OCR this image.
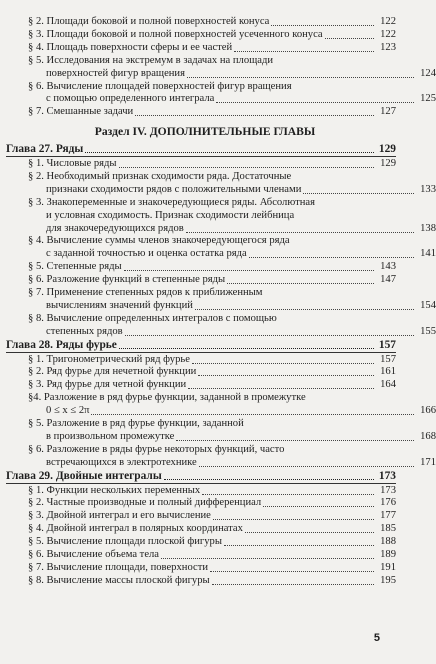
§ 2. Площади боковой и полной поверхностей конуса	122
§ 3. Площади боковой и полной поверхностей усеченного конуса	122
§ 4. Площадь поверхности сферы и ее частей	123
§ 5. Исследования на экстремум в задачах на площади
поверхностей фигур вращения	124
§ 6. Вычисление площадей поверхностей фигур вращения
с помощью определенного интеграла	125
§ 7. Смешанные задачи	127
Раздел IV. ДОПОЛНИТЕЛЬНЫЕ ГЛАВЫ
Глава 27. Ряды	129
§ 1. Числовые ряды	129
§ 2. Необходимый признак сходимости ряда. Достаточные
признаки сходимости рядов с положительными членами	133
§ 3. Знакопеременные и знакочередующиеся ряды. Абсолютная
и условная сходимость. Признак сходимости лейбница
для знакочередующихся рядов	138
§ 4. Вычисление суммы членов знакочередующегося ряда
с заданной точностью и оценка остатка ряда	141
§ 5. Степенные ряды	143
§ 6. Разложение функций в степенные ряды	147
§ 7. Применение степенных рядов к приближенным
вычислениям значений функций	154
§ 8. Вычисление определенных интегралов с помощью
степенных рядов	155
Глава 28. Ряды фурье	157
§ 1. Тригонометрический ряд фурье	157
§ 2. Ряд фурье для нечетной функции	161
§ 3. Ряд фурье для четной функции	164
§4. Разложение в ряд фурье функции, заданной в промежутке
0 ≤ x ≤ 2π	166
§ 5. Разложение в ряд фурье функции, заданной
в произвольном промежутке	168
§ 6. Разложение в ряды фурье некоторых функций, часто
встречающихся в электротехнике	171
Глава 29. Двойные интегралы	173
§ 1. Функции нескольких переменных	173
§ 2. Частные производные и полный дифференциал	176
§ 3. Двойной интеграл и его вычисление	177
§ 4. Двойной интеграл в полярных координатах	185
§ 5. Вычисление площади плоской фигуры	188
§ 6. Вычисление объема тела	189
§ 7. Вычисление площади, поверхности	191
§ 8. Вычисление массы плоской фигуры	195
5
